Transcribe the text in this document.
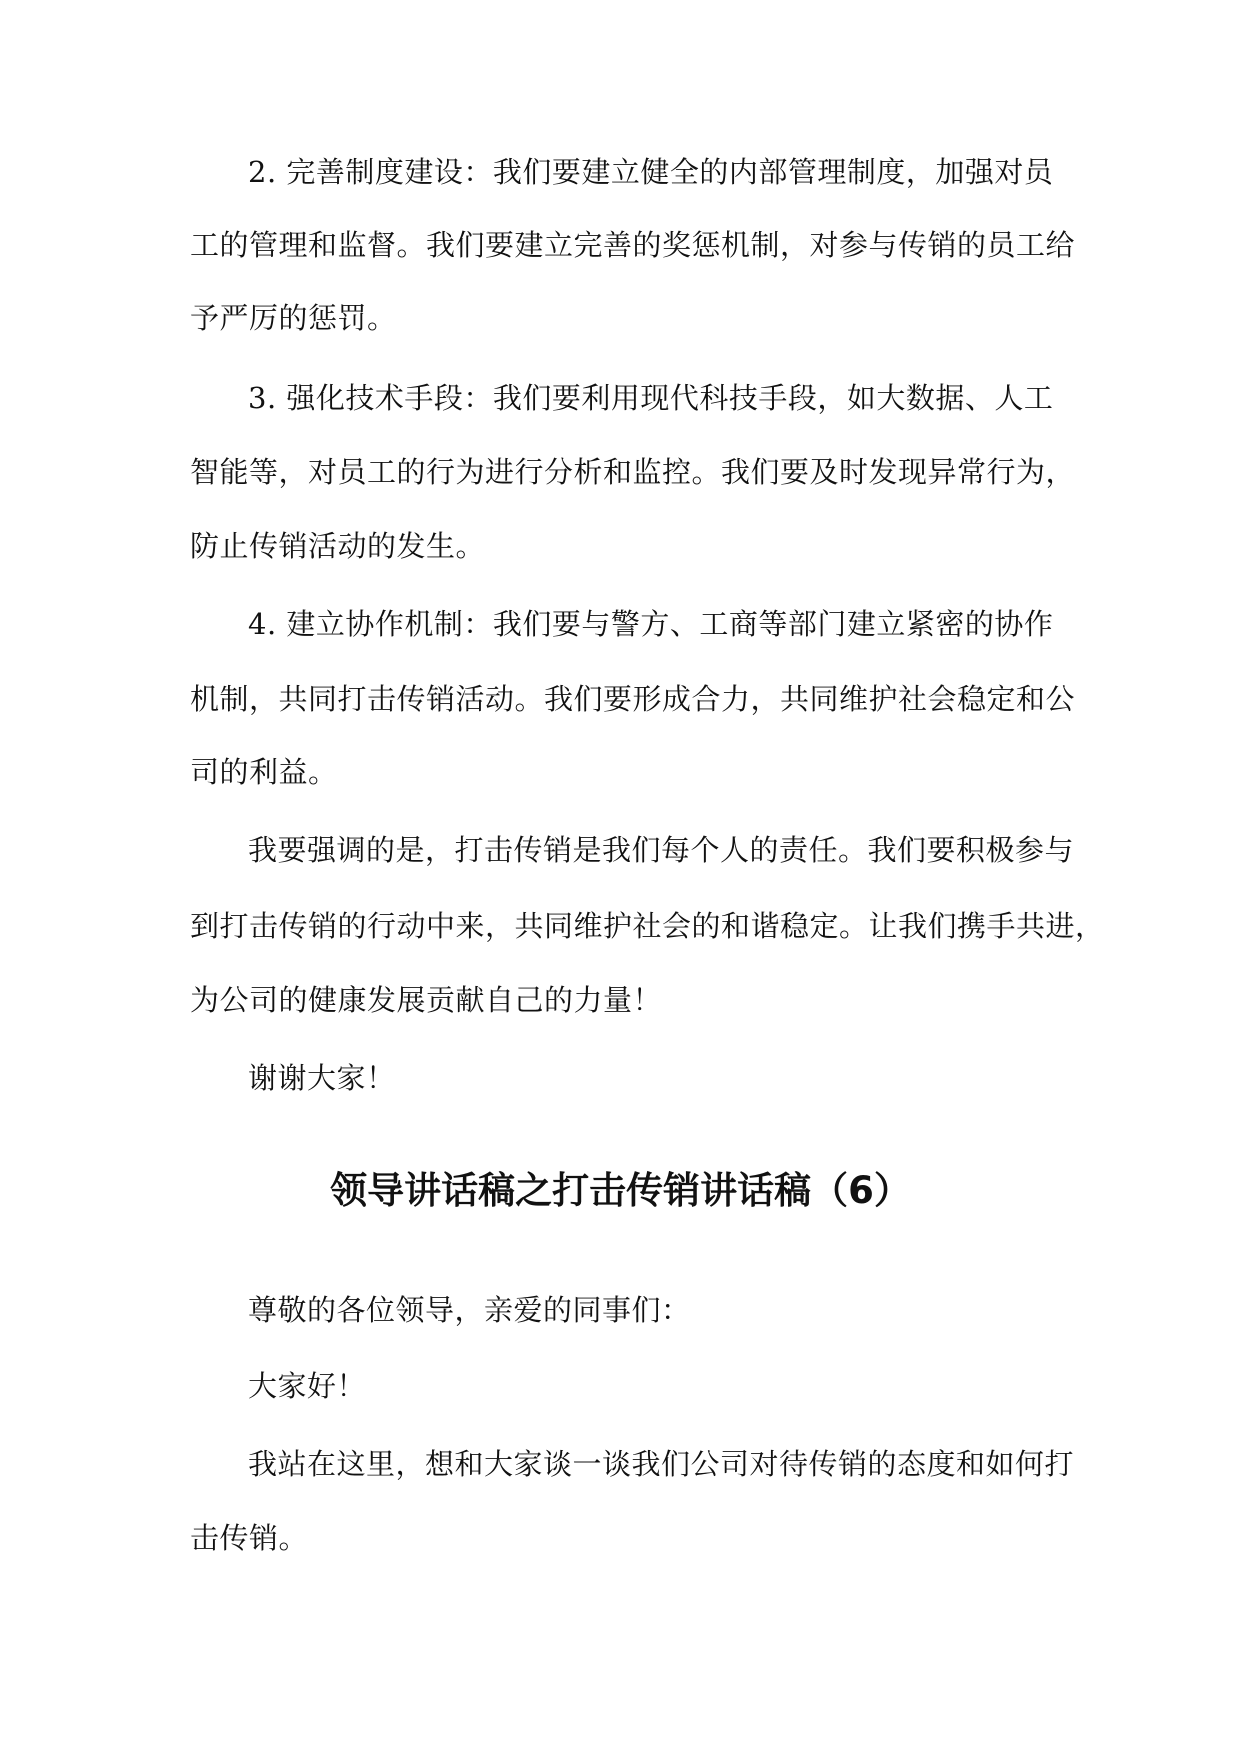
2. 完善制度建设：我们要建立健全的内部管理制度，加强对员
工的管理和监督。我们要建立完善的奖惩机制，对参与传销的员工给
予严厉的惩罚。
3. 强化技术手段：我们要利用现代科技手段，如大数据、人工
智能等，对员工的行为进行分析和监控。我们要及时发现异常行为，
防止传销活动的发生。
4. 建立协作机制：我们要与警方、工商等部门建立紧密的协作
机制，共同打击传销活动。我们要形成合力，共同维护社会稳定和公
司的利益。
我要强调的是，打击传销是我们每个人的责任。我们要积极参与
到打击传销的行动中来，共同维护社会的和谐稳定。让我们携手共进，
为公司的健康发展贡献自己的力量！
谢谢大家！
领导讲话稿之打击传销讲话稿（6）
尊敬的各位领导，亲爱的同事们：
大家好！
我站在这里，想和大家谈一谈我们公司对待传销的态度和如何打
击传销。
